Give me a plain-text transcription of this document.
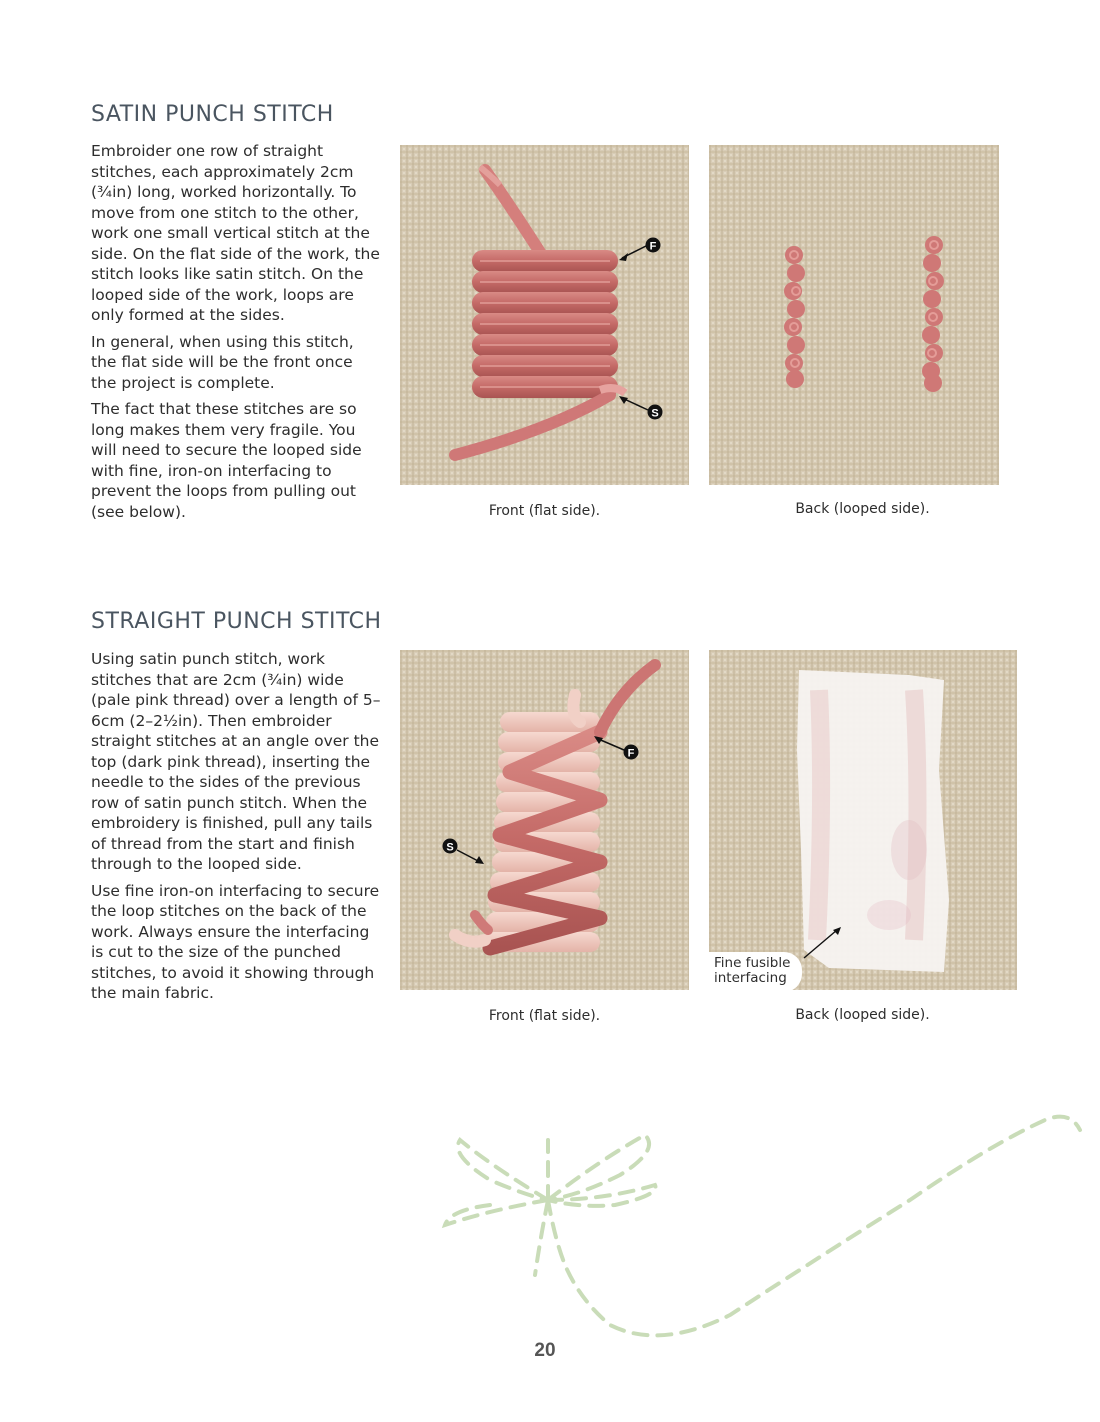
SATIN PUNCH STITCH

Embroider one row of straight stitches, each approximately 2cm (¾in) long, worked horizontally. To move from one stitch to the other, work one small vertical stitch at the side. On the flat side of the work, the stitch looks like satin stitch. On the looped side of the work, loops are only formed at the sides.

In general, when using this stitch, the flat side will be the front once the project is complete.

The fact that these stitches are so long makes them very fragile. You will need to secure the looped side with fine, iron-on interfacing to prevent the loops from pulling out (see below).

F
S
Front (flat side).	Back (looped side).
STRAIGHT PUNCH STITCH

Using satin punch stitch, work stitches that are 2cm (¾in) wide (pale pink thread) over a length of 5–6cm (2–2½in). Then embroider straight stitches at an angle over the top (dark pink thread), inserting the needle to the sides of the previous row of satin punch stitch. When the embroidery is finished, pull any tails of thread from the start and finish through to the looped side.

Use fine iron-on interfacing to secure the loop stitches on the back of the work. Always ensure the interfacing is cut to the size of the punched stitches, to avoid it showing through the main fabric.

F
S
Front (flat side).
Fine fusible
interfacing
Back (looped side).
20
